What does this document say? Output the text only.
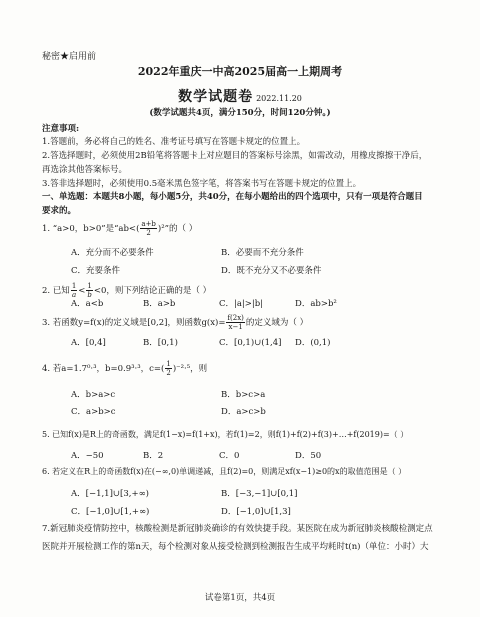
秘密★启用前
2022年重庆一中高2025届高一上期周考
数学试题卷 2022.11.20
(数学试题共4页，满分150分，时间120分钟。)
注意事项:
1.答题前，务必将自己的姓名、准考证号填写在答题卡规定的位置上。
2.答选择题时，必须使用2B铅笔将答题卡上对应题目的答案标号涂黑，如需改动，用橡皮擦擦干净后，
再选涂其他答案标号。
3.答非选择题时，必须使用0.5毫米黑色签字笔，将答案书写在答题卡规定的位置上。
一、单选题：本题共8小题，每小题5分，共40分，在每小题给出的四个选项中，只有一项是符合题目
要求的。
1. “a>0，b>0”是“$ab<( \frac{a+b}{2} )^2$”的（ ）
A．充分而不必要条件	B．必要而不充分条件
C．充要条件	D．既不充分又不必要条件
2. 已知 $\frac{1}{a} < \frac{1}{b} <0$，则下列结论正确的是（ ）
A．a<b	B．a>b	C．|a|>|b|	D．ab>b²
3. 若函数y=f(x)的定义域是[0,2]，则函数$g(x)= \frac{f(2x)}{x-1}$ 的定义域为（ ）
A．[0,4]	B．[0,1)	C．[0,1)∪(1,4] D．(0,1)
4. 若a=1.7⁰·³，b=0.9³·³，$c=( \frac{1}{2} )^{-2}\cdot^5$，则
A．b>a>c	B．b>c>a
C．a>b>c	D．a>c>b
5. 已知f(x)是R上的奇函数，满足f(1−x)=f(1+x)，若f(1)=2，则f(1)+f(2)+f(3)+…+f(2019)=（ ）
A．−50	B．2	C．0	D．50
6. 若定义在R上的奇函数f(x)在(−∞,0)单调递减，且f(2)=0，则满足xf(x−1)≥0的x的取值范围是（ ）
A．[−1,1]∪[3,+∞)	B．[−3,−1]∪[0,1]
C．[−1,0]∪[1,+∞)	D．[−1,0]∪[1,3]
7.新冠肺炎疫情防控中，核酸检测是新冠肺炎确诊的有效快捷手段。某医院在成为新冠肺炎核酸检测定点
医院并开展检测工作的第n天，每个检测对象从接受检测到检测报告生成平均耗时t(n)（单位：小时）大
试卷第1页，共4页
